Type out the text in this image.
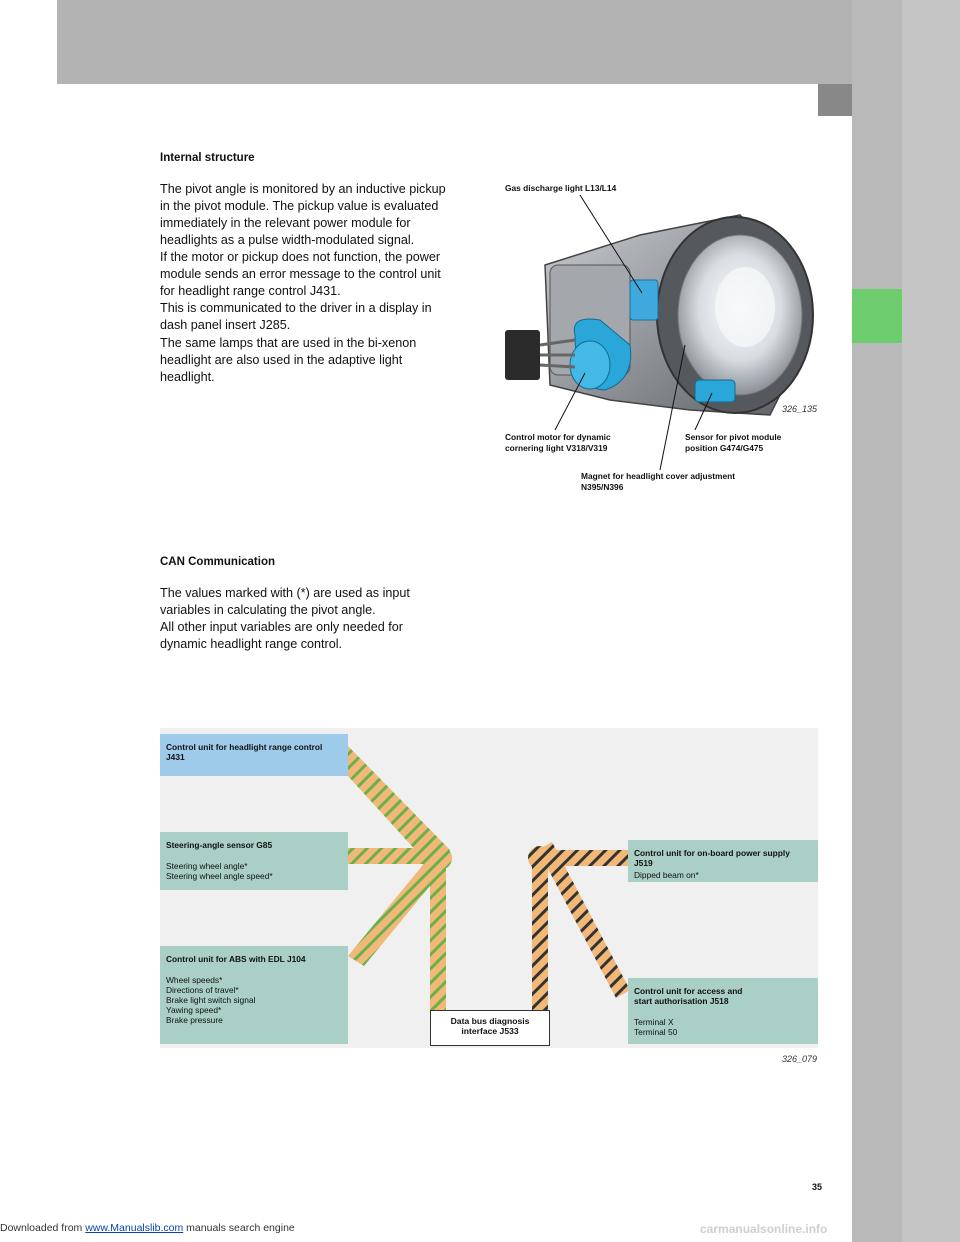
Internal structure

The pivot angle is monitored by an inductive pickup
in the pivot module. The pickup value is evaluated
immediately in the relevant power module for
headlights as a pulse width-modulated signal.
If the motor or pickup does not function, the power
module sends an error message to the control unit
for headlight range control J431.
This is communicated to the driver in a display in
dash panel insert J285.

The same lamps that are used in the bi-xenon
headlight are also used in the adaptive light
headlight.

Gas discharge light L13/L14
326_135
Control motor for dynamic
cornering light V318/V319
Sensor for pivot module
position G474/G475
Magnet for headlight cover adjustment
N395/N396
CAN Communication

The values marked with (*) are used as input
variables in calculating the pivot angle.
All other input variables are only needed for
dynamic headlight range control.

Control unit for headlight range control
J431
Steering-angle sensor G85
Steering wheel angle*
Steering wheel angle speed*
Control unit for ABS with EDL J104
Wheel speeds*
Directions of travel*
Brake light switch signal
Yawing speed*
Brake pressure	Data bus diagnosis
interface J533
Control unit for on-board power supply
J519
Dipped beam on*
Control unit for access and
start authorisation J518
Terminal X
Terminal 50
326_079
35
Downloaded from www.Manualslib.com manuals search engine	carmanualsonline.info
